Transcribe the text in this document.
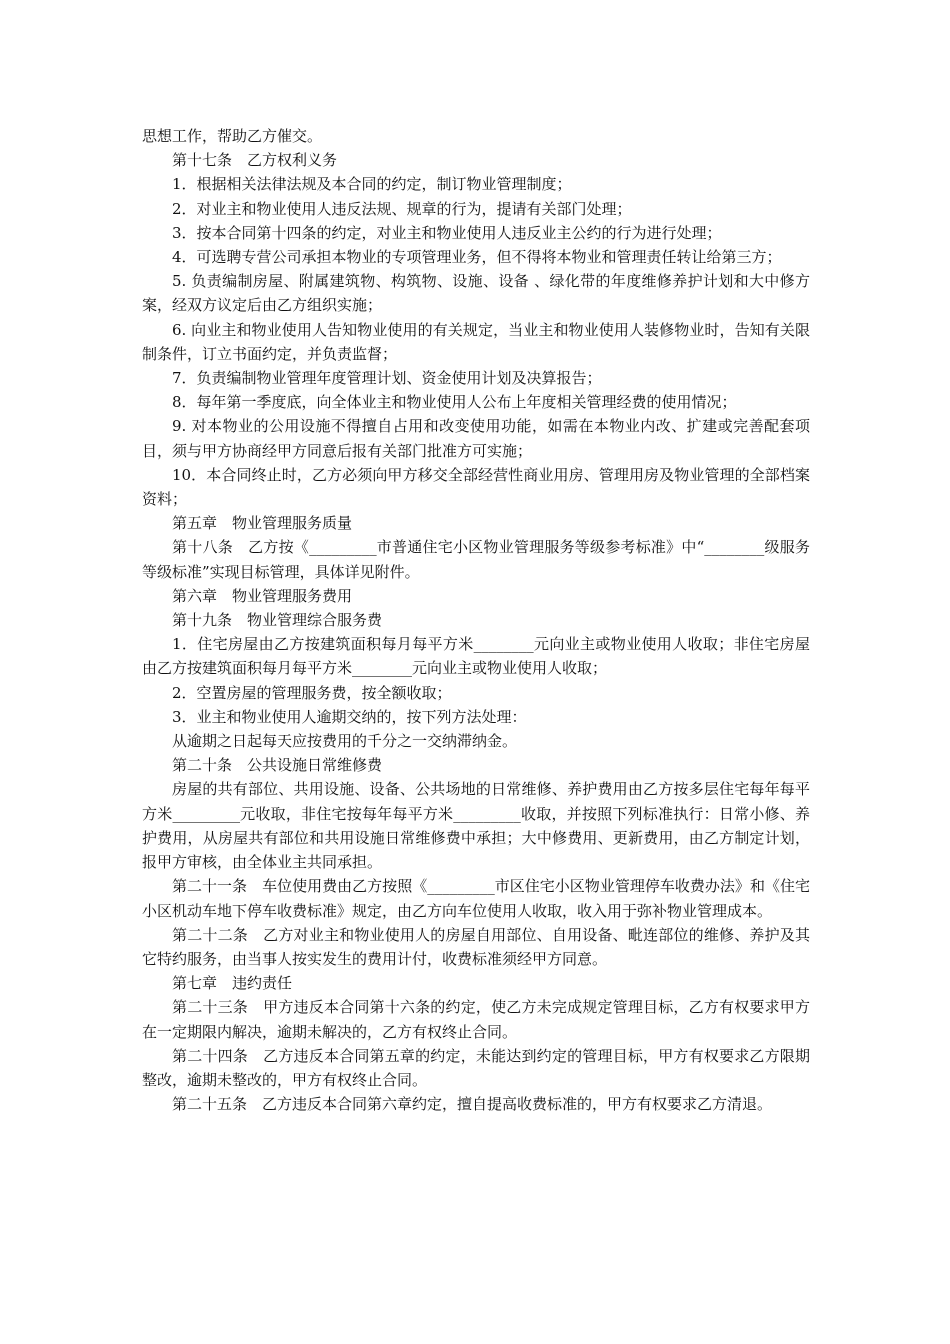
思想工作，帮助乙方催交。

第十七条　乙方权利义务

1．根据相关法律法规及本合同的约定，制订物业管理制度；

2．对业主和物业使用人违反法规、规章的行为，提请有关部门处理；

3．按本合同第十四条的约定，对业主和物业使用人违反业主公约的行为进行处理；

4．可选聘专营公司承担本物业的专项管理业务，但不得将本物业和管理责任转让给第三方；

5. 负责编制房屋、附属建筑物、构筑物、设施、设备 、绿化带的年度维修养护计划和大中修方案，经双方议定后由乙方组织实施；

6. 向业主和物业使用人告知物业使用的有关规定，当业主和物业使用人装修物业时，告知有关限制条件，订立书面约定，并负责监督；

7．负责编制物业管理年度管理计划、资金使用计划及决算报告；

8．每年第一季度底，向全体业主和物业使用人公布上年度相关管理经费的使用情况；

9. 对本物业的公用设施不得擅自占用和改变使用功能，如需在本物业内改、扩建或完善配套项目，须与甲方协商经甲方同意后报有关部门批准方可实施；

10．本合同终止时，乙方必须向甲方移交全部经营性商业用房、管理用房及物业管理的全部档案资料；

第五章　物业管理服务质量

第十八条　乙方按《_________市普通住宅小区物业管理服务等级参考标准》中“________级服务等级标准”实现目标管理，具体详见附件。

第六章　物业管理服务费用

第十九条　物业管理综合服务费

1．住宅房屋由乙方按建筑面积每月每平方米________元向业主或物业使用人收取；非住宅房屋由乙方按建筑面积每月每平方米________元向业主或物业使用人收取；

2．空置房屋的管理服务费，按全额收取；

3．业主和物业使用人逾期交纳的，按下列方法处理：

从逾期之日起每天应按费用的千分之一交纳滞纳金。

第二十条　公共设施日常维修费

房屋的共有部位、共用设施、设备、公共场地的日常维修、养护费用由乙方按多层住宅每年每平方米_________元收取，非住宅按每年每平方米_________收取，并按照下列标准执行：日常小修、养护费用，从房屋共有部位和共用设施日常维修费中承担；大中修费用、更新费用，由乙方制定计划，报甲方审核，由全体业主共同承担。

第二十一条　车位使用费由乙方按照《_________市区住宅小区物业管理停车收费办法》和《住宅小区机动车地下停车收费标准》规定，由乙方向车位使用人收取，收入用于弥补物业管理成本。

第二十二条　乙方对业主和物业使用人的房屋自用部位、自用设备、毗连部位的维修、养护及其它特约服务，由当事人按实发生的费用计付，收费标准须经甲方同意。

第七章　违约责任

第二十三条　甲方违反本合同第十六条的约定，使乙方未完成规定管理目标，乙方有权要求甲方在一定期限内解决，逾期未解决的，乙方有权终止合同。

第二十四条　乙方违反本合同第五章的约定，未能达到约定的管理目标，甲方有权要求乙方限期整改，逾期未整改的，甲方有权终止合同。

第二十五条　乙方违反本合同第六章约定，擅自提高收费标准的，甲方有权要求乙方清退。
